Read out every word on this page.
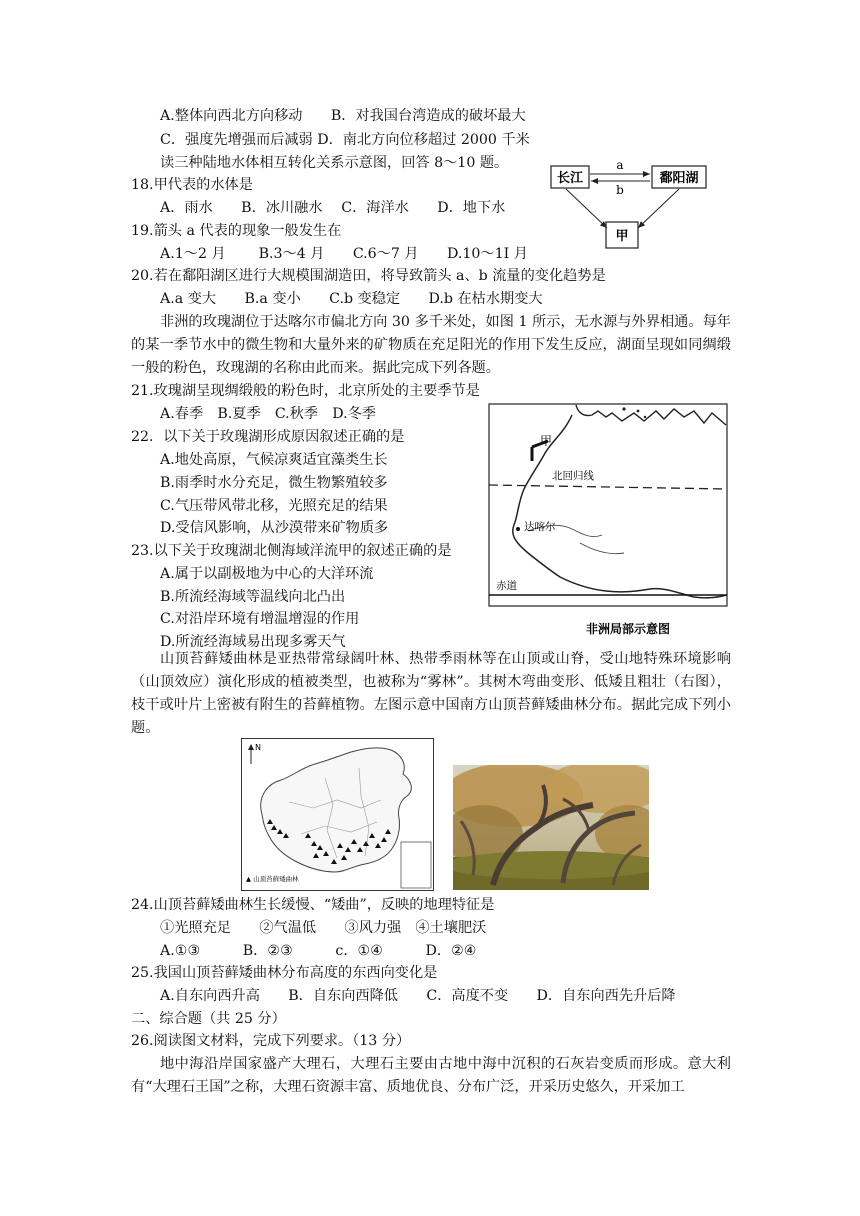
A.整体向西北方向移动　　B．对我国台湾造成的破坏最大
C．强度先增强而后减弱 D．南北方向位移超过 2000 千米
读三种陆地水体相互转化关系示意图，回答 8～10 题。
18.甲代表的水体是
A．雨水　　B．冰川融水　 C．海洋水　　D．地下水
19.箭头 a 代表的现象一般发生在
A.1～2 月　　 B.3～4 月　　C.6～7 月　　D.10～1I 月
20.若在鄱阳湖区进行大规模围湖造田，将导致箭头 a、b 流量的变化趋势是
A.a 变大　　B.a 变小　　C.b 变稳定　　D.b 在枯水期变大
长江	鄱阳湖
甲
a
b
非洲的玫瑰湖位于达喀尔市偏北方向 30 多千米处，如图 1 所示，无水源与外界相通。每年的某一季节水中的微生物和大量外来的矿物质在充足阳光的作用下发生反应，湖面呈现如同绸缎一般的粉色，玫瑰湖的名称由此而来。据此完成下列各题。
21.玫瑰湖呈现绸缎般的粉色时，北京所处的主要季节是
A.春季　B.夏季　C.秋季　D.冬季
22．以下关于玫瑰湖形成原因叙述正确的是
A.地处高原，气候凉爽适宜藻类生长
B.雨季时水分充足，微生物繁殖较多
C.气压带风带北移，光照充足的结果
D.受信风影响，从沙漠带来矿物质多
23.以下关于玫瑰湖北侧海域洋流甲的叙述正确的是
A.属于以副极地为中心的大洋环流
B.所流经海域等温线向北凸出
C.对沿岸环境有增温增湿的作用
D.所流经海域易出现多雾天气
甲
北回归线
达喀尔
赤道
非洲局部示意图
山顶苔藓矮曲林是亚热带常绿阔叶林、热带季雨林等在山顶或山脊，受山地特殊环境影响（山顶效应）演化形成的植被类型，也被称为“雾林”。其树木弯曲变形、低矮且粗壮（右图），枝干或叶片上密被有附生的苔藓植物。左图示意中国南方山顶苔藓矮曲林分布。据此完成下列小题。
N
▲ 山顶苔藓矮曲林
24.山顶苔藓矮曲林生长缓慢、“矮曲”，反映的地理特征是
①光照充足　　②气温低　　③风力强　④土壤肥沃
A.①③　　　B．②③　　　c．①④　　　D．②④
25.我国山顶苔藓矮曲林分布高度的东西向变化是
A.自东向西升高　　B．自东向西降低　　C．高度不变　　D．自东向西先升后降
二、综合题（共 25 分）
26.阅读图文材料，完成下列要求。（13 分）
地中海沿岸国家盛产大理石，大理石主要由古地中海中沉积的石灰岩变质而形成。意大利有“大理石王国”之称，大理石资源丰富、质地优良、分布广泛，开采历史悠久，开采加工
